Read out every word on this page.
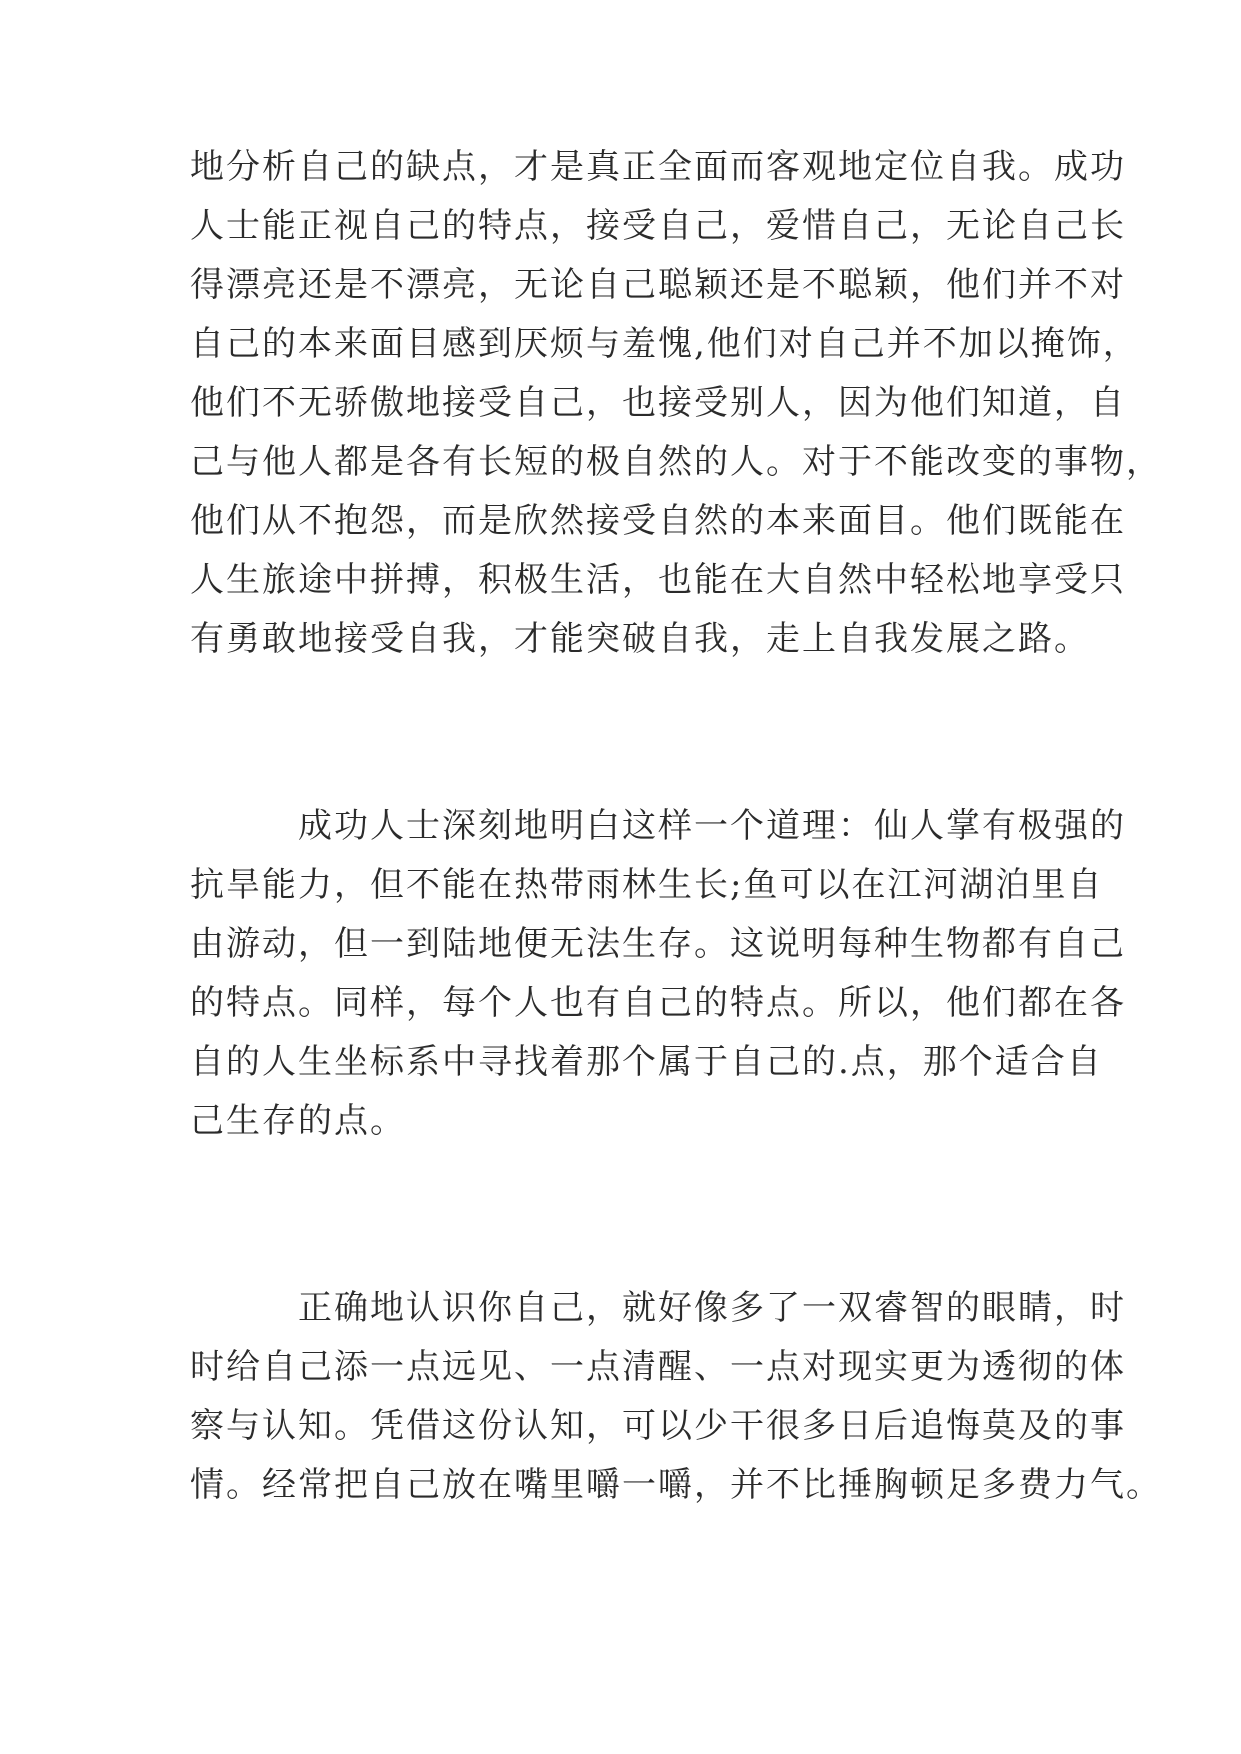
地分析自己的缺点，才是真正全面而客观地定位自我。成功
人士能正视自己的特点，接受自己，爱惜自己，无论自己长
得漂亮还是不漂亮，无论自己聪颖还是不聪颖，他们并不对
自己的本来面目感到厌烦与羞愧,他们对自己并不加以掩饰，
他们不无骄傲地接受自己，也接受别人，因为他们知道，自
己与他人都是各有长短的极自然的人。对于不能改变的事物，
他们从不抱怨，而是欣然接受自然的本来面目。他们既能在
人生旅途中拼搏，积极生活，也能在大自然中轻松地享受只
有勇敢地接受自我，才能突破自我，走上自我发展之路。
成功人士深刻地明白这样一个道理：仙人掌有极强的
抗旱能力，但不能在热带雨林生长;鱼可以在江河湖泊里自
由游动，但一到陆地便无法生存。这说明每种生物都有自己
的特点。同样，每个人也有自己的特点。所以，他们都在各
自的人生坐标系中寻找着那个属于自己的.点，那个适合自
己生存的点。
正确地认识你自己，就好像多了一双睿智的眼睛，时
时给自己添一点远见、一点清醒、一点对现实更为透彻的体
察与认知。凭借这份认知，可以少干很多日后追悔莫及的事
情。经常把自己放在嘴里嚼一嚼，并不比捶胸顿足多费力气。
